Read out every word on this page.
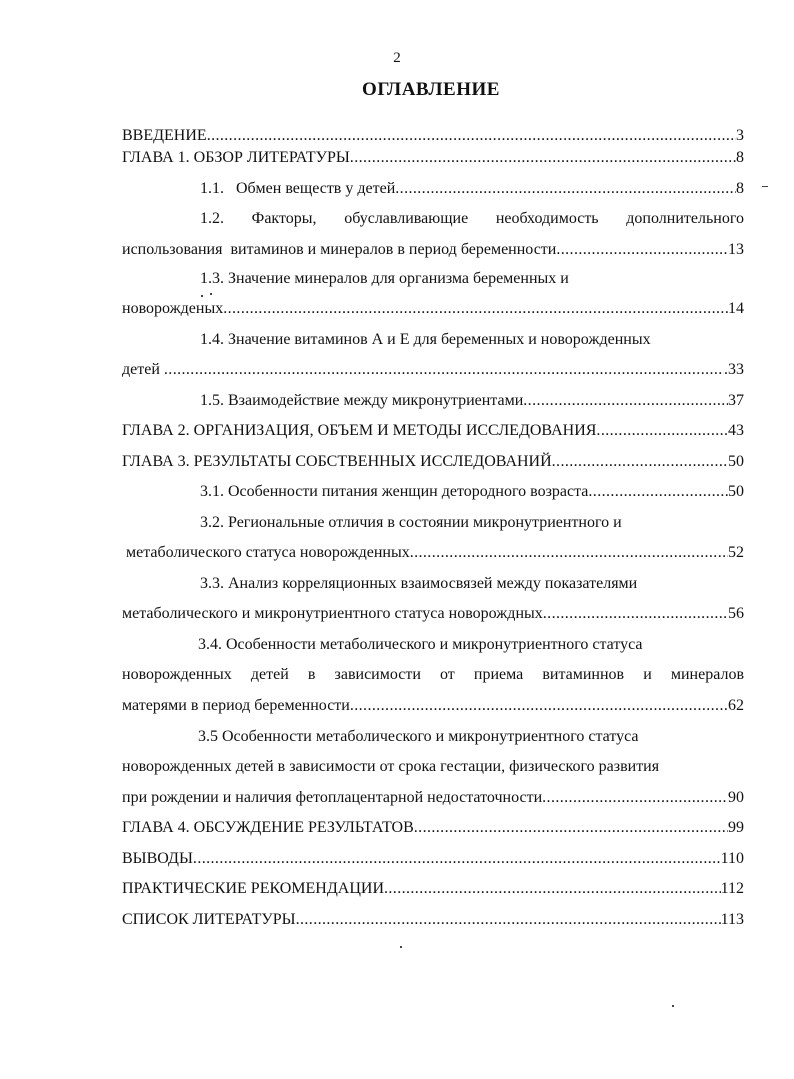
2
ОГЛАВЛЕНИЕ
ВВЕДЕНИЕ .....	3
ГЛАВА 1. ОБЗОР ЛИТЕРАТУРЫ .....	8
1.1.   Обмен веществ у детей .....	8
1.2. Факторы, обуславливающие необходимость дополнительного
использования  витаминов и минералов в период беременности .....	13
1.3. Значение минералов для организма беременных и
новорожденых .....	14
1.4. Значение витаминов А и Е для беременных и новорожденных
детей .....	.33
1.5. Взаимодействие между микронутриентами .....	37
ГЛАВА 2. ОРГАНИЗАЦИЯ, ОБЪЕМ И МЕТОДЫ ИССЛЕДОВАНИЯ .....	43
ГЛАВА 3. РЕЗУЛЬТАТЫ СОБСТВЕННЫХ ИССЛЕДОВАНИЙ .....	50
3.1. Особенности питания женщин детородного возраста .....	50
3.2. Региональные отличия в состоянии микронутриентного и
метаболического статуса новорожденных .....	52
3.3. Анализ корреляционных взаимосвязей между показателями
метаболического и микронутриентного статуса новорождных .....	56
3.4. Особенности метаболического и микронутриентного статуса
новорожденных детей в зависимости от приема витаминнов и минералов
матерями в период беременности .....	62
3.5 Особенности метаболического и микронутриентного статуса
новорожденных детей в зависимости от срока гестации, физического развития
при рождении и наличия фетоплацентарной недостаточности .....	90
ГЛАВА 4. ОБСУЖДЕНИЕ РЕЗУЛЬТАТОВ .....	99
ВЫВОДЫ .....	110
ПРАКТИЧЕСКИЕ РЕКОМЕНДАЦИИ .....	112
СПИСОК ЛИТЕРАТУРЫ .....	113
